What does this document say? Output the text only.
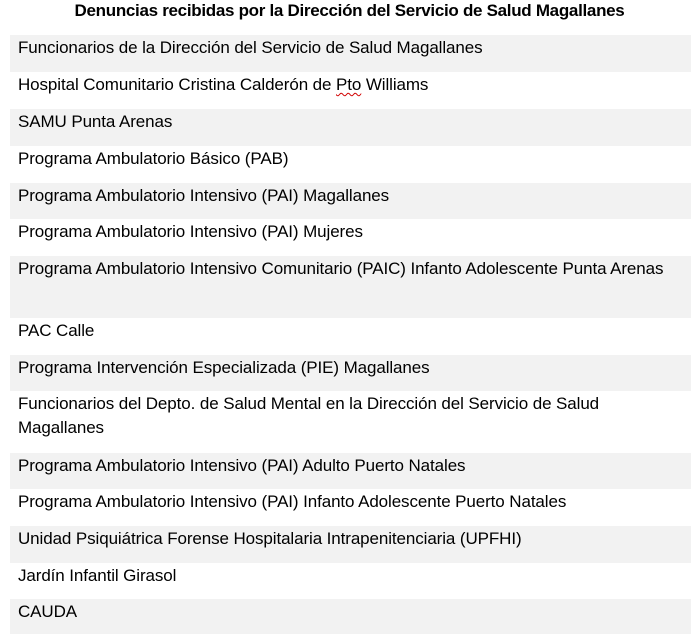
Denuncias recibidas por la Dirección del Servicio de Salud Magallanes
Funcionarios de la Dirección del Servicio de Salud Magallanes
Hospital Comunitario Cristina Calderón de Pto Williams
SAMU Punta Arenas
Programa Ambulatorio Básico (PAB)
Programa Ambulatorio Intensivo (PAI) Magallanes
Programa Ambulatorio Intensivo (PAI) Mujeres
Programa Ambulatorio Intensivo Comunitario (PAIC) Infanto Adolescente Punta Arenas
PAC Calle
Programa Intervención Especializada (PIE) Magallanes
Funcionarios del Depto. de Salud Mental en la Dirección del Servicio de Salud Magallanes
Programa Ambulatorio Intensivo (PAI) Adulto Puerto Natales
Programa Ambulatorio Intensivo (PAI) Infanto Adolescente Puerto Natales
Unidad Psiquiátrica Forense Hospitalaria Intrapenitenciaria (UPFHI)
Jardín Infantil Girasol
CAUDA
